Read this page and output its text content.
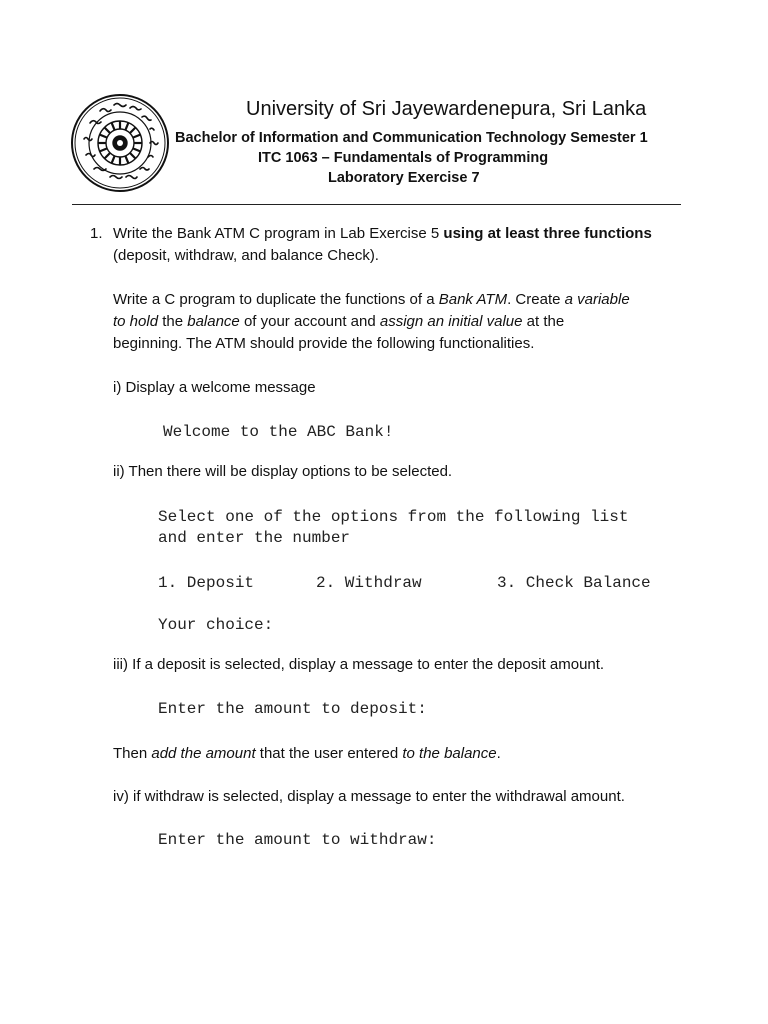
University of Sri Jayewardenepura, Sri Lanka
Bachelor of Information and Communication Technology Semester 1
ITC 1063 – Fundamentals of Programming
Laboratory Exercise 7
1. Write the Bank ATM C program in Lab Exercise 5 using at least three functions
(deposit, withdraw, and balance Check).
Write a C program to duplicate the functions of a Bank ATM. Create a variable
to hold the balance of your account and assign an initial value at the
beginning. The ATM should provide the following functionalities.
i) Display a welcome message
Welcome to the ABC Bank!
ii) Then there will be display options to be selected.
Select one of the options from the following list
and enter the number
1. Deposit	2. Withdraw	3. Check Balance
Your choice:
iii) If a deposit is selected, display a message to enter the deposit amount.
Enter the amount to deposit:
Then add the amount that the user entered to the balance.
iv) if withdraw is selected, display a message to enter the withdrawal amount.
Enter the amount to withdraw:
